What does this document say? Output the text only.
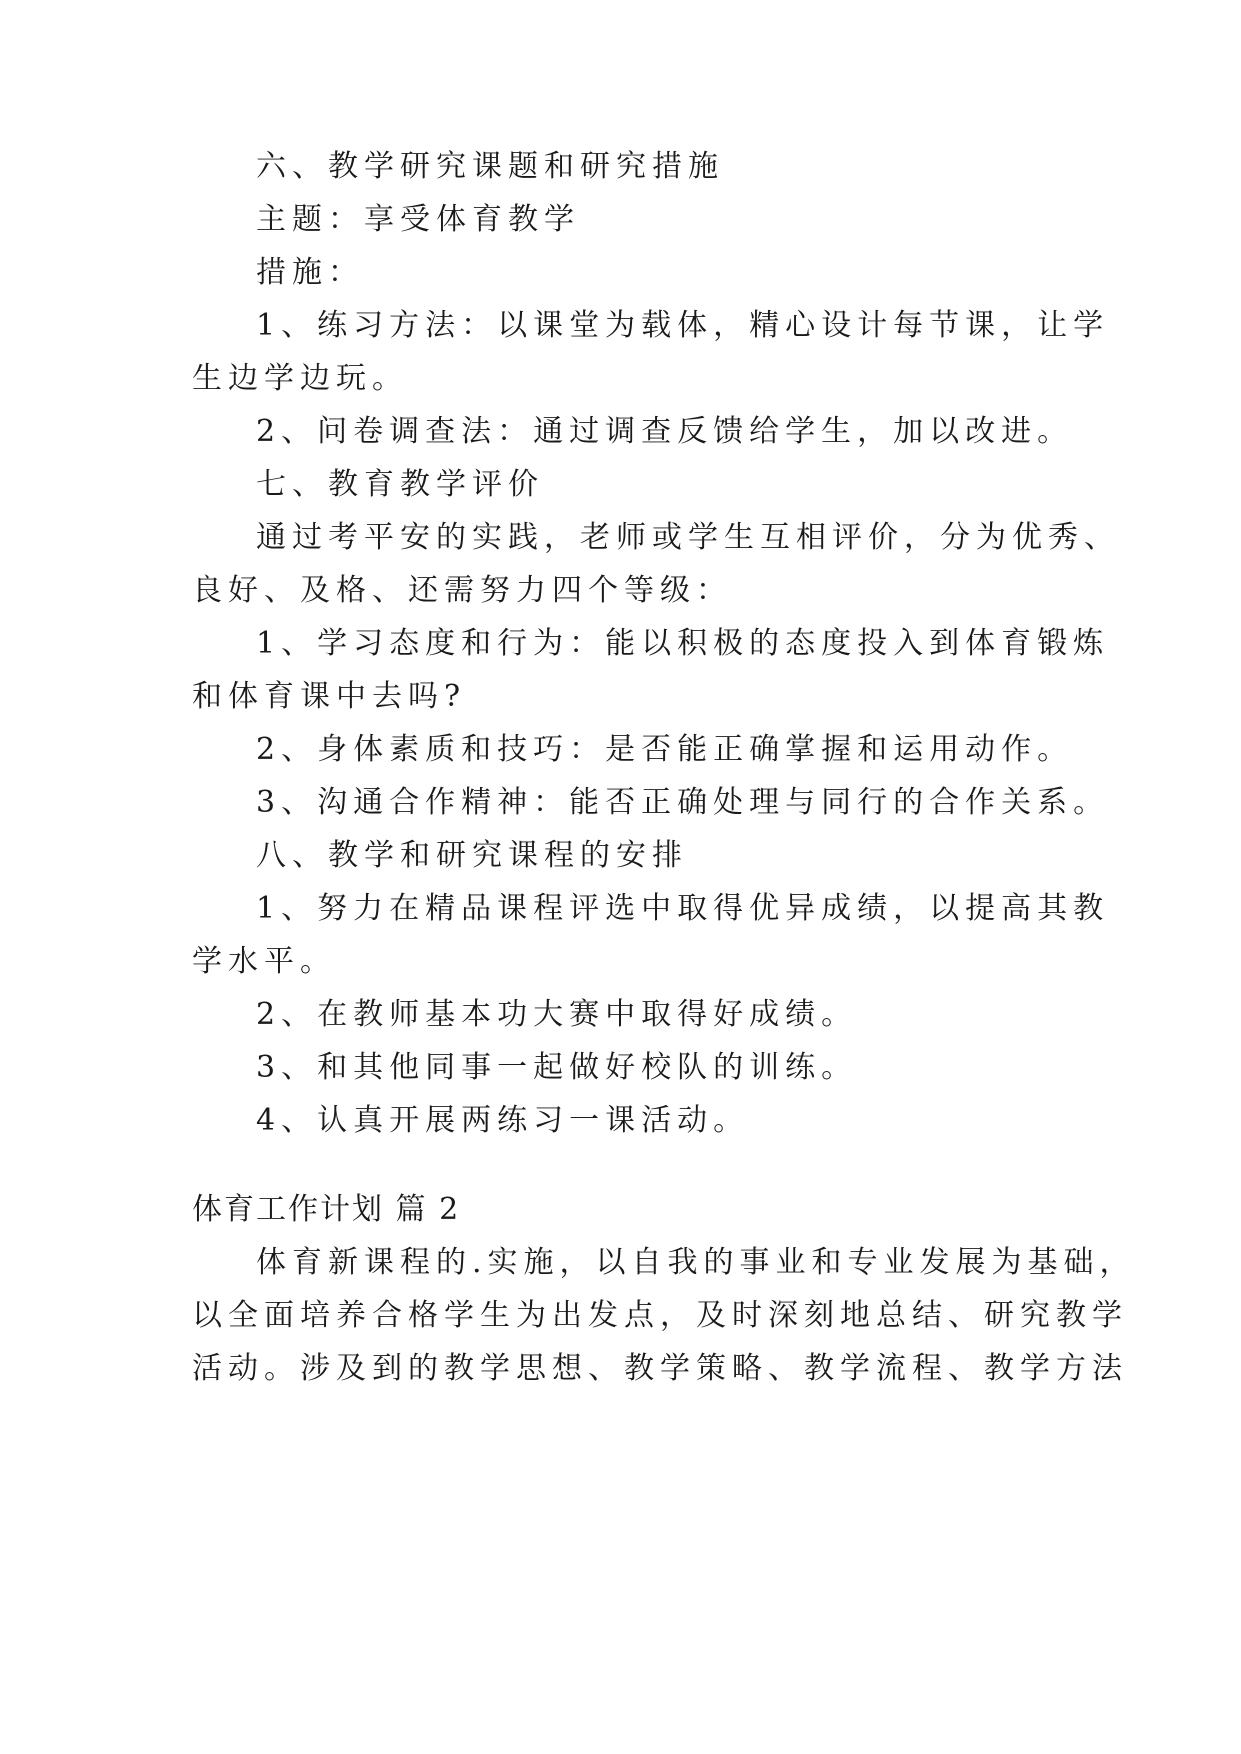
六、教学研究课题和研究措施
主题：享受体育教学
措施：
1、练习方法：以课堂为载体，精心设计每节课，让学
生边学边玩。
2、问卷调查法：通过调查反馈给学生，加以改进。
七、教育教学评价
通过考平安的实践，老师或学生互相评价，分为优秀、
良好、及格、还需努力四个等级：
1、学习态度和行为：能以积极的态度投入到体育锻炼
和体育课中去吗?
2、身体素质和技巧：是否能正确掌握和运用动作。
3、沟通合作精神：能否正确处理与同行的合作关系。
八、教学和研究课程的安排
1、努力在精品课程评选中取得优异成绩，以提高其教
学水平。
2、在教师基本功大赛中取得好成绩。
3、和其他同事一起做好校队的训练。
4、认真开展两练习一课活动。
体育工作计划 篇 2
体育新课程的.实施，以自我的事业和专业发展为基础，
以全面培养合格学生为出发点，及时深刻地总结、研究教学
活动。涉及到的教学思想、教学策略、教学流程、教学方法
